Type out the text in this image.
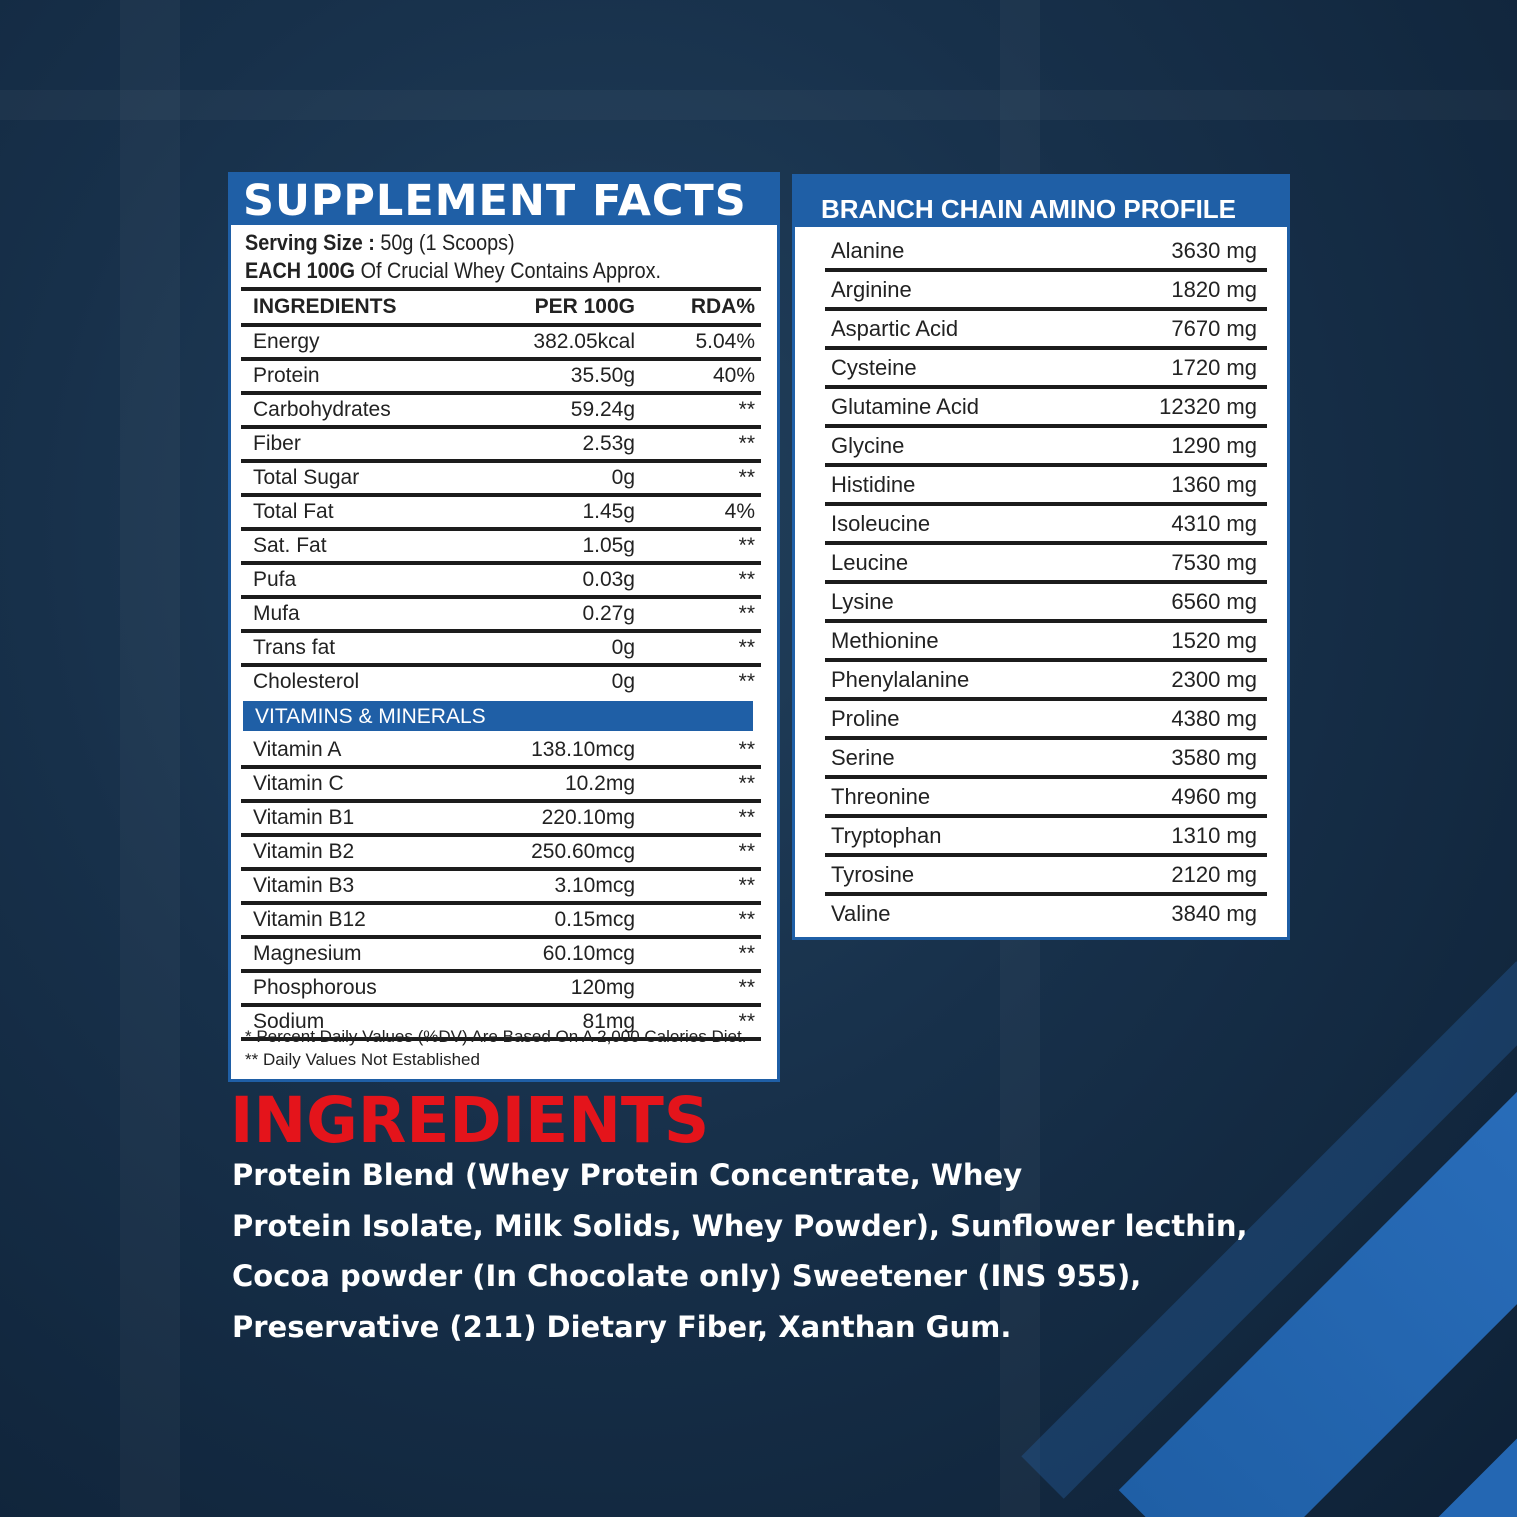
SUPPLEMENT FACTS
Serving Size : 50g (1 Scoops)
EACH 100G Of Crucial Whey Contains Approx.
INGREDIENTS	PER 100G	RDA%
Energy	382.05kcal	5.04%
Protein	35.50g	40%
Carbohydrates	59.24g	**
Fiber	2.53g	**
Total Sugar	0g	**
Total Fat	1.45g	4%
Sat. Fat	1.05g	**
Pufa	0.03g	**
Mufa	0.27g	**
Trans fat	0g	**
Cholesterol	0g	**
VITAMINS & MINERALS
Vitamin A	138.10mcg	**
Vitamin C	10.2mg	**
Vitamin B1	220.10mg	**
Vitamin B2	250.60mcg	**
Vitamin B3	3.10mcg	**
Vitamin B12	0.15mcg	**
Magnesium	60.10mcg	**
Phosphorous	120mg	**
Sodium	81mg	**
* Percent Daily Values (%DV) Are Based On A 2,000 Calories Diet.
** Daily Values Not Established
BRANCH CHAIN AMINO PROFILE
Alanine	3630 mg
Arginine	1820 mg
Aspartic Acid	7670 mg
Cysteine	1720 mg
Glutamine Acid	12320 mg
Glycine	1290 mg
Histidine	1360 mg
Isoleucine	4310 mg
Leucine	7530 mg
Lysine	6560 mg
Methionine	1520 mg
Phenylalanine	2300 mg
Proline	4380 mg
Serine	3580 mg
Threonine	4960 mg
Tryptophan	1310 mg
Tyrosine	2120 mg
Valine	3840 mg
INGREDIENTS
Protein Blend (Whey Protein Concentrate, Whey
Protein Isolate, Milk Solids, Whey Powder), Sunflower lecthin,
Cocoa powder (In Chocolate only) Sweetener (INS 955),
Preservative (211) Dietary Fiber, Xanthan Gum.
